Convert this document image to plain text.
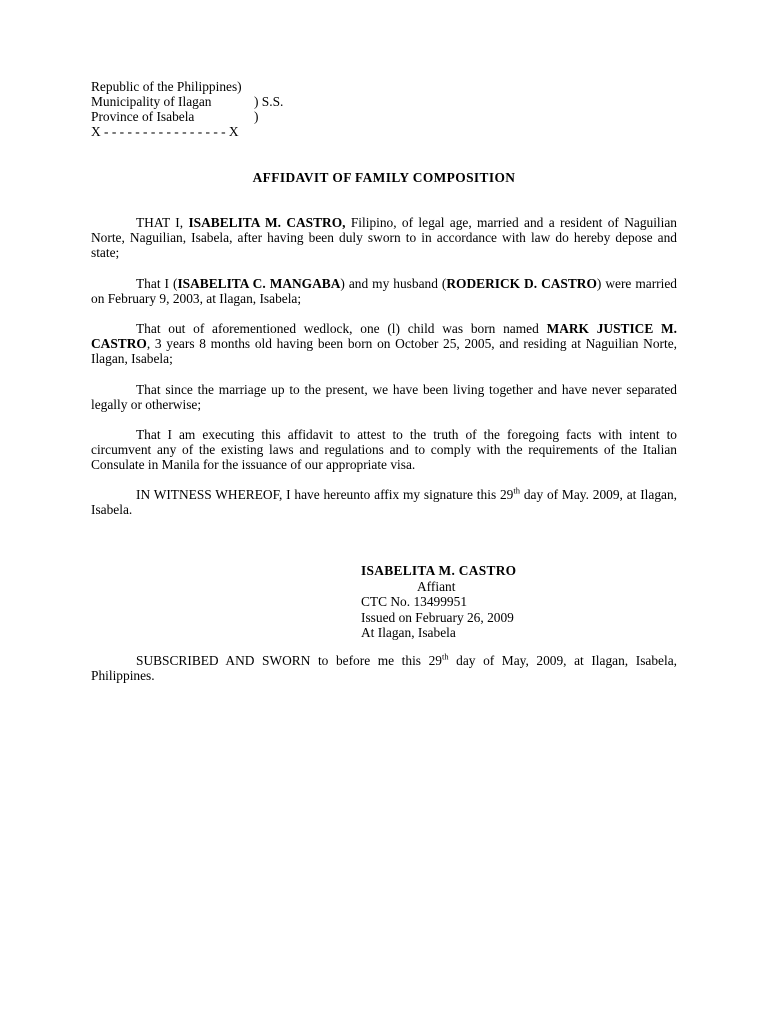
Republic of the Philippines)
Municipality of Ilagan	) S.S.
Province of Isabela	)
X - - - - - - - - - - - - - - - - X
AFFIDAVIT OF FAMILY COMPOSITION
THAT I, ISABELITA M. CASTRO, Filipino, of legal age, married and a resident of Naguilian Norte, Naguilian, Isabela, after having been duly sworn to in accordance with law do hereby depose and state;
That I (ISABELITA C. MANGABA) and my husband (RODERICK D. CASTRO) were married on February 9, 2003, at Ilagan, Isabela;
That out of aforementioned wedlock, one (l) child was born named MARK JUSTICE M. CASTRO, 3 years 8 months old having been born on October 25, 2005, and residing at Naguilian Norte, Ilagan, Isabela;
That since the marriage up to the present, we have been living together and have never separated legally or otherwise;
That I am executing this affidavit to attest to the truth of the foregoing facts with intent to circumvent any of the existing laws and regulations and to comply with the requirements of the Italian Consulate in Manila for the issuance of our appropriate visa.
IN WITNESS WHEREOF, I have hereunto affix my signature this 29th day of May. 2009, at Ilagan, Isabela.
ISABELITA M. CASTRO
Affiant
CTC No. 13499951
Issued on February 26, 2009
At Ilagan, Isabela
SUBSCRIBED AND SWORN to before me this 29th day of May, 2009, at Ilagan, Isabela, Philippines.
